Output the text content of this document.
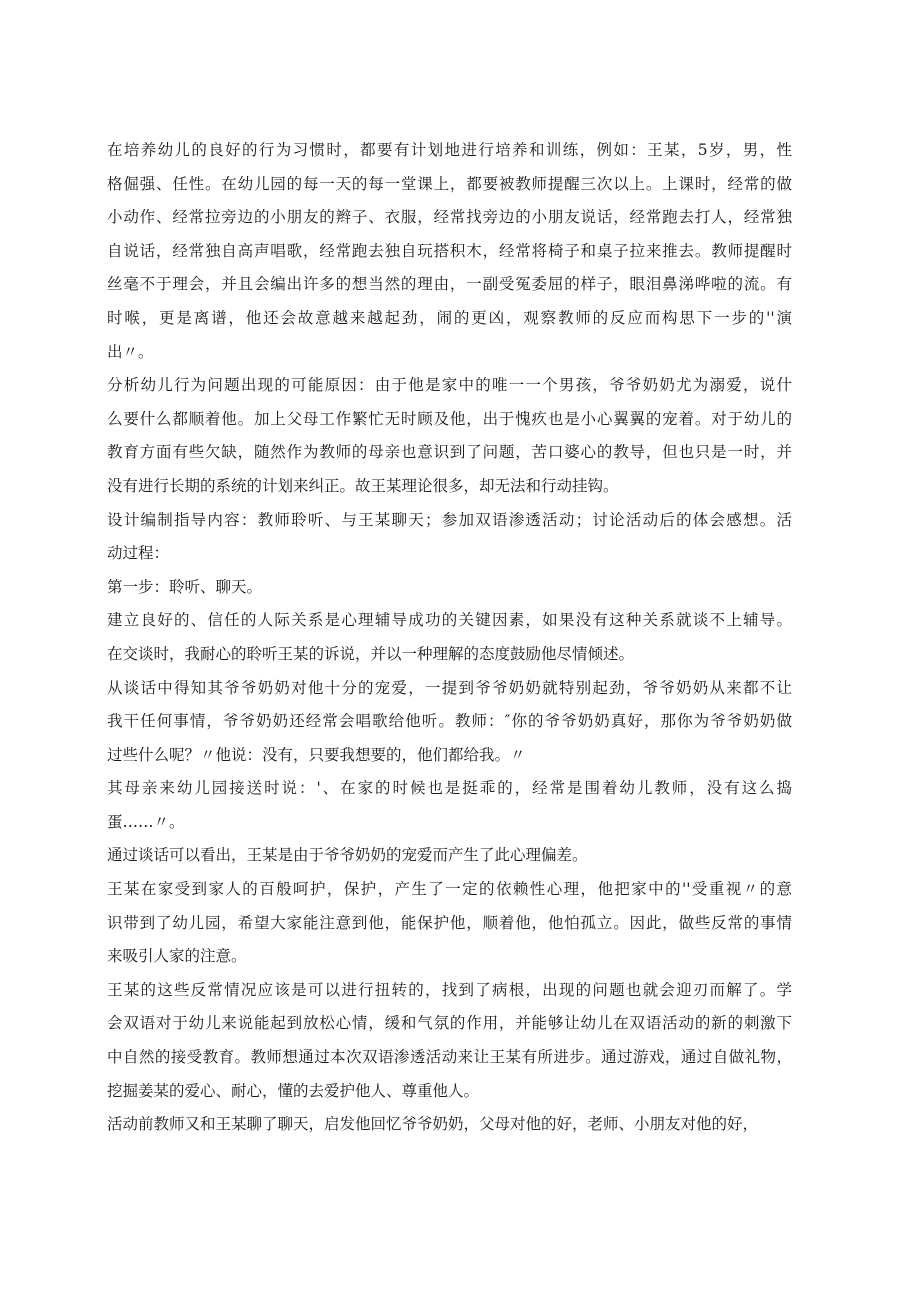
在培养幼儿的良好的行为习惯时，都要有计划地进行培养和训练，例如：王某，5岁，男，性
格倔强、任性。在幼儿园的每一天的每一堂课上，都要被教师提醒三次以上。上课时，经常的做
小动作、经常拉旁边的小朋友的辫子、衣服，经常找旁边的小朋友说话，经常跑去打人，经常独
自说话，经常独自高声唱歌，经常跑去独自玩搭积木，经常将椅子和桌子拉来推去。教师提醒时
丝毫不于理会，并且会编出许多的想当然的理由，一副受冤委屈的样子，眼泪鼻涕哗啦的流。有
时喉，更是离谱，他还会故意越来越起劲，闹的更凶，观察教师的反应而构思下一步的''演
出〃。
分析幼儿行为问题出现的可能原因：由于他是家中的唯一一个男孩，爷爷奶奶尤为溺爱，说什
么要什么都顺着他。加上父母工作繁忙无时顾及他，出于愧疚也是小心翼翼的宠着。对于幼儿的
教育方面有些欠缺，随然作为教师的母亲也意识到了问题，苦口婆心的教导，但也只是一时，并
没有进行长期的系统的计划来纠正。故王某理论很多，却无法和行动挂钩。
设计编制指导内容：教师聆听、与王某聊天；参加双语渗透活动；讨论活动后的体会感想。活
动过程：
第一步：聆听、聊天。
建立良好的、信任的人际关系是心理辅导成功的关键因素，如果没有这种关系就谈不上辅导。
在交谈时，我耐心的聆听王某的诉说，并以一种理解的态度鼓励他尽情倾述。
从谈话中得知其爷爷奶奶对他十分的宠爱，一提到爷爷奶奶就特别起劲，爷爷奶奶从来都不让
我干任何事情，爷爷奶奶还经常会唱歌给他听。教师：″你的爷爷奶奶真好，那你为爷爷奶奶做
过些什么呢？〃他说：没有，只要我想要的，他们都给我。〃
其母亲来幼儿园接送时说：'、在家的时候也是挺乖的，经常是围着幼儿教师，没有这么捣
蛋……〃。
通过谈话可以看出，王某是由于爷爷奶奶的宠爱而产生了此心理偏差。
王某在家受到家人的百般呵护，保护，产生了一定的依赖性心理，他把家中的''受重视〃的意
识带到了幼儿园，希望大家能注意到他，能保护他，顺着他，他怕孤立。因此，做些反常的事情
来吸引人家的注意。
王某的这些反常情况应该是可以进行扭转的，找到了病根，出现的问题也就会迎刃而解了。学
会双语对于幼儿来说能起到放松心情，缓和气氛的作用，并能够让幼儿在双语活动的新的刺激下
中自然的接受教育。教师想通过本次双语渗透活动来让王某有所进步。通过游戏，通过自做礼物，
挖掘姜某的爱心、耐心，懂的去爱护他人、尊重他人。
活动前教师又和王某聊了聊天，启发他回忆爷爷奶奶，父母对他的好，老师、小朋友对他的好，
